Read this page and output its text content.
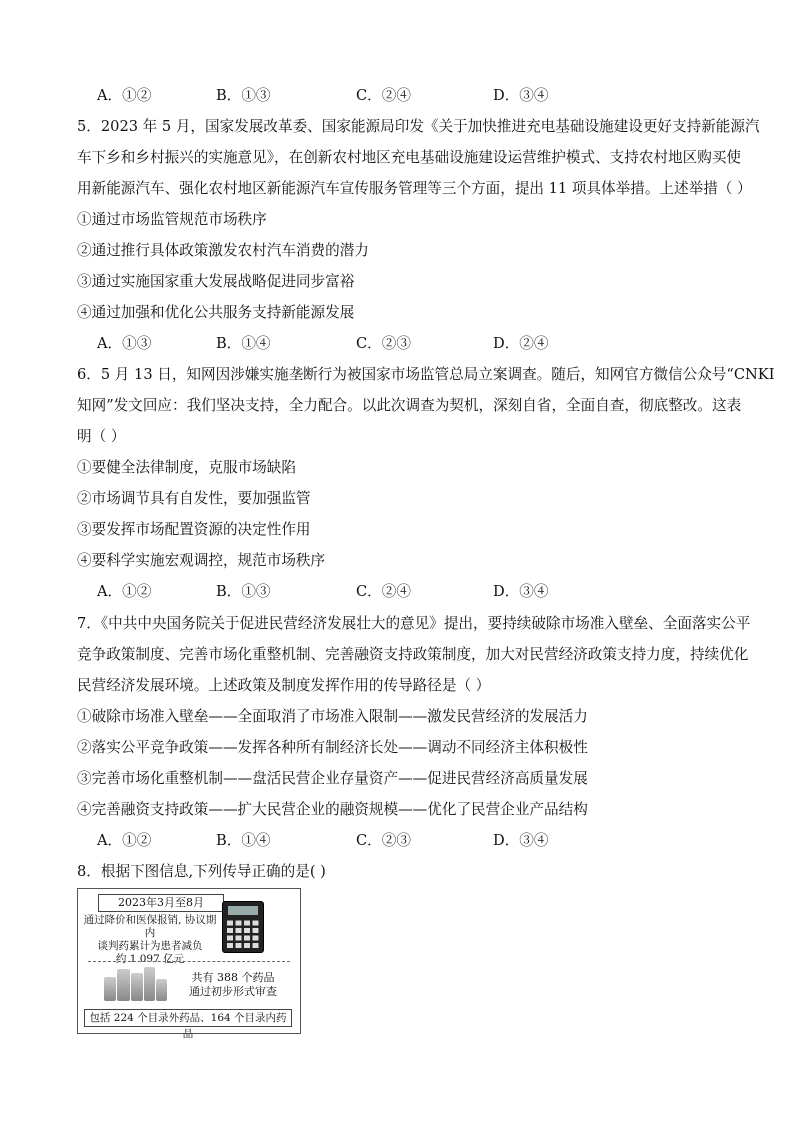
A．①②	B．①③	C．②④	D．③④
5．2023 年 5 月，国家发展改革委、国家能源局印发《关于加快推进充电基础设施建设更好支持新能源汽
车下乡和乡村振兴的实施意见》，在创新农村地区充电基础设施建设运营维护模式、支持农村地区购买使
用新能源汽车、强化农村地区新能源汽车宣传服务管理等三个方面，提出 11 项具体举措。上述举措（ ）
①通过市场监管规范市场秩序
②通过推行具体政策激发农村汽车消费的潜力
③通过实施国家重大发展战略促进同步富裕
④通过加强和优化公共服务支持新能源发展
A．①③	B．①④	C．②③	D．②④
6．5 月 13 日，知网因涉嫌实施垄断行为被国家市场监管总局立案调查。随后，知网官方微信公众号“CNKI
知网”发文回应：我们坚决支持，全力配合。以此次调查为契机，深刻自省，全面自查，彻底整改。这表
明（ ）
①要健全法律制度，克服市场缺陷
②市场调节具有自发性，要加强监管
③要发挥市场配置资源的决定性作用
④要科学实施宏观调控，规范市场秩序
A．①②	B．①③	C．②④	D．③④
7．《中共中央国务院关于促进民营经济发展壮大的意见》提出，要持续破除市场准入壁垒、全面落实公平
竞争政策制度、完善市场化重整机制、完善融资支持政策制度，加大对民营经济政策支持力度，持续优化
民营经济发展环境。上述政策及制度发挥作用的传导路径是（ ）
①破除市场准入壁垒——全面取消了市场准入限制——激发民营经济的发展活力
②落实公平竞争政策——发挥各种所有制经济长处——调动不同经济主体积极性
③完善市场化重整机制——盘活民营企业存量资产——促进民营经济高质量发展
④完善融资支持政策——扩大民营企业的融资规模——优化了民营企业产品结构
A．①②	B．①④	C．②③	D．③④
8．根据下图信息,下列传导正确的是( )
2023年3月至8月
通过降价和医保报销, 协议期内
谈判药累计为患者减负
约 1 097 亿元
共有 388 个药品
通过初步形式审查
包括 224 个目录外药品、164 个目录内药品
